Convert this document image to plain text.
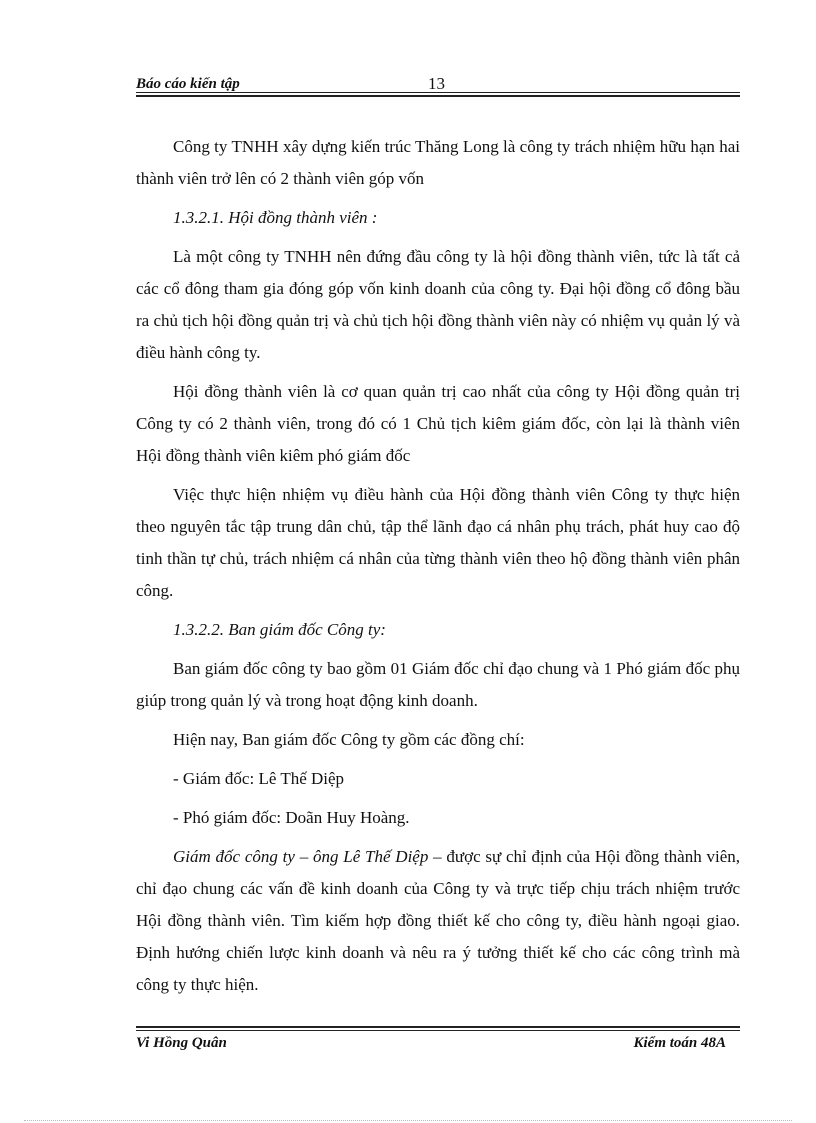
Báo cáo kiến tập	13

Công ty TNHH xây dựng kiến trúc Thăng Long là công ty trách nhiệm hữu hạn hai thành viên trở lên có 2 thành viên góp vốn

1.3.2.1. Hội đồng thành viên :

Là một công ty TNHH nên đứng đầu công ty là hội đồng thành viên, tức là tất cả các cổ đông tham gia đóng góp vốn kinh doanh của công ty. Đại hội đồng cổ đông bầu ra chủ tịch hội đồng quản trị và chủ tịch hội đồng thành viên này có nhiệm vụ quản lý và điều hành công ty.

Hội đồng thành viên là cơ quan quản trị cao nhất của công ty Hội đồng quản trị Công ty có 2 thành viên, trong đó có 1 Chủ tịch kiêm giám đốc, còn lại là thành viên Hội đồng thành viên kiêm phó giám đốc

Việc thực hiện nhiệm vụ điều hành của Hội đồng thành viên Công ty thực hiện theo nguyên tắc tập trung dân chủ, tập thể lãnh đạo cá nhân phụ trách, phát huy cao độ tinh thần tự chủ, trách nhiệm cá nhân của từng thành viên theo hộ đồng thành viên phân công.

1.3.2.2. Ban giám đốc Công ty:

Ban giám đốc công ty bao gồm 01 Giám đốc chỉ đạo chung và 1 Phó giám đốc phụ giúp trong quản lý và trong hoạt động kinh doanh.

Hiện nay, Ban giám đốc Công ty gồm các đồng chí:

- Giám đốc: Lê Thế Diệp

- Phó giám đốc: Doãn Huy Hoàng.

Giám đốc công ty – ông Lê Thế Diệp – được sự chỉ định của Hội đồng thành viên, chỉ đạo chung các vấn đề kinh doanh của Công ty và trực tiếp chịu trách nhiệm trước Hội đồng thành viên. Tìm kiếm hợp đồng thiết kế cho công ty, điều hành ngoại giao. Định hướng chiến lược kinh doanh và nêu ra ý tưởng thiết kế cho các công trình mà công ty thực hiện.

Vi Hồng Quân	Kiểm toán 48A
